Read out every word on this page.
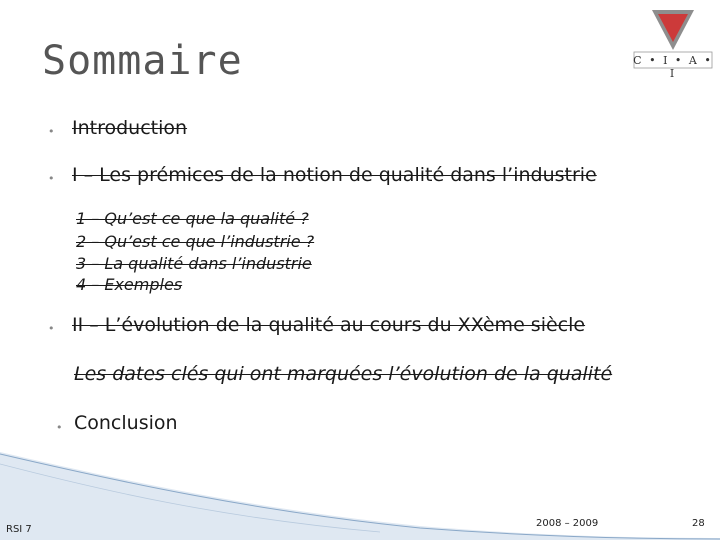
Sommaire	C • I • A • I
• Introduction
• I – Les prémices de la notion de qualité dans l’industrie
1 – Qu’est ce que la qualité ?
2 – Qu’est ce que l’industrie ?
3 – La qualité dans l’industrie
4 – Exemples
• II – L’évolution de la qualité au cours du XXème siècle
Les dates clés qui ont marquées l’évolution de la qualité
• Conclusion
RSI 7
2008 – 2009	28
